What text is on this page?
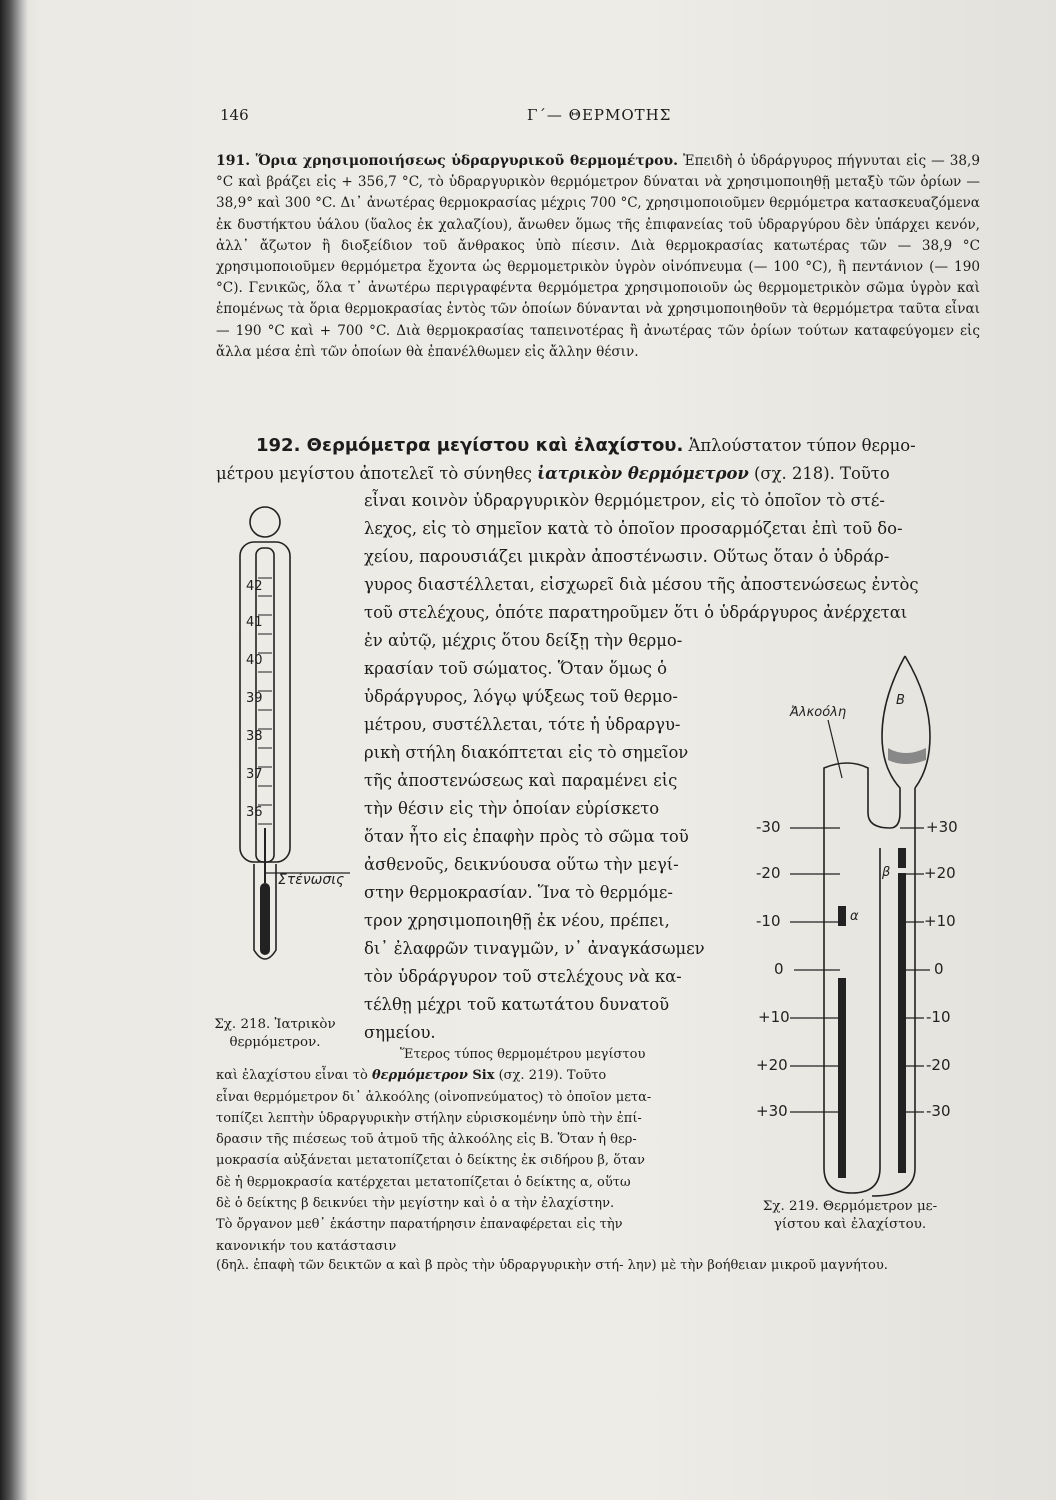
146	Γ΄— ΘΕΡΜΟΤΗΣ
191. Ὅρια χρησιμοποιήσεως ὑδραργυρικοῦ θερμομέτρου. Ἐπειδὴ ὁ ὑδράργυρος πήγνυται εἰς — 38,9 °C καὶ βράζει εἰς + 356,7 °C, τὸ ὑδραργυρικὸν θερμόμετρον δύναται νὰ χρησιμοποιηθῇ μεταξὺ τῶν ὁρίων — 38,9° καὶ 300 °C. Δι᾽ ἀνωτέρας θερμοκρασίας μέχρις 700 °C, χρησιμοποιοῦμεν θερμόμετρα κατασκευαζόμενα ἐκ δυστήκτου ὑάλου (ὕαλος ἐκ χαλαζίου), ἄνωθεν ὅμως τῆς ἐπιφανείας τοῦ ὑδραργύρου δὲν ὑπάρχει κενόν, ἀλλ᾽ ἄζωτον ἢ διοξείδιον τοῦ ἄνθρακος ὑπὸ πίεσιν. Διὰ θερμοκρασίας κατωτέρας τῶν — 38,9 °C χρησιμοποιοῦμεν θερμόμετρα ἔχοντα ὡς θερμομετρικὸν ὑγρὸν οἰνόπνευμα (— 100 °C), ἢ πεντάνιον (— 190 °C). Γενικῶς, ὅλα τ᾽ ἀνωτέρω περιγραφέντα θερμόμετρα χρησιμοποιοῦν ὡς θερμομετρικὸν σῶμα ὑγρὸν καὶ ἑπομένως τὰ ὅρια θερμοκρασίας ἐντὸς τῶν ὁποίων δύνανται νὰ χρησιμοποιηθοῦν τὰ θερμόμετρα ταῦτα εἶναι — 190 °C καὶ + 700 °C. Διὰ θερμοκρασίας ταπεινοτέρας ἢ ἀνωτέρας τῶν ὁρίων τούτων καταφεύγομεν εἰς ἄλλα μέσα ἐπὶ τῶν ὁποίων θὰ ἐπανέλθωμεν εἰς ἄλλην θέσιν.
192. Θερμόμετρα μεγίστου καὶ ἐλαχίστου. Ἁπλούστατον τύπον θερμο-
μέτρου μεγίστου ἀποτελεῖ τὸ σύνηθες ἰατρικὸν θερμόμετρον (σχ. 218). Τοῦτο
εἶναι κοινὸν ὑδραργυρικὸν θερμόμετρον, εἰς τὸ ὁποῖον τὸ στέ-
λεχος, εἰς τὸ σημεῖον κατὰ τὸ ὁποῖον προσαρμόζεται ἐπὶ τοῦ δο-
χείου, παρουσιάζει μικρὰν ἀποστένωσιν. Οὕτως ὅταν ὁ ὑδράρ-
γυρος διαστέλλεται, εἰσχωρεῖ διὰ μέσου τῆς ἀποστενώσεως ἐντὸς
τοῦ στελέχους, ὁπότε παρατηροῦμεν ὅτι ὁ ὑδράργυρος ἀνέρχεται
ἐν αὐτῷ, μέχρις ὅτου δείξῃ τὴν θερμο-
κρασίαν τοῦ σώματος. Ὅταν ὅμως ὁ
ὑδράργυρος, λόγῳ ψύξεως τοῦ θερμο-
μέτρου, συστέλλεται, τότε ἡ ὑδραργυ-
ρικὴ στήλη διακόπτεται εἰς τὸ σημεῖον
τῆς ἀποστενώσεως καὶ παραμένει εἰς
τὴν θέσιν εἰς τὴν ὁποίαν εὑρίσκετο
ὅταν ἦτο εἰς ἐπαφὴν πρὸς τὸ σῶμα τοῦ
ἀσθενοῦς, δεικνύουσα οὕτω τὴν μεγί-
στην θερμοκρασίαν. Ἵνα τὸ θερμόμε-
τρον χρησιμοποιηθῇ ἐκ νέου, πρέπει,
δι᾽ ἐλαφρῶν τιναγμῶν, ν᾽ ἀναγκάσωμεν
τὸν ὑδράργυρον τοῦ στελέχους νὰ κα-
τέλθῃ μέχρι τοῦ κατωτάτου δυνατοῦ
σημείου.
Ἕτερος τύπος θερμομέτρου μεγίστου
καὶ ἐλαχίστου εἶναι τὸ θερμόμετρον Six (σχ. 219). Τοῦτο
εἶναι θερμόμετρον δι᾽ ἀλκοόλης (οἰνοπνεύματος) τὸ ὁποῖον μετα-
τοπίζει λεπτὴν ὑδραργυρικὴν στήλην εὑρισκομένην ὑπὸ τὴν ἐπί-
δρασιν τῆς πιέσεως τοῦ ἀτμοῦ τῆς ἀλκοόλης εἰς B. Ὅταν ἡ θερ-
μοκρασία αὐξάνεται μετατοπίζεται ὁ δείκτης ἐκ σιδήρου β, ὅταν
δὲ ἡ θερμοκρασία κατέρχεται μετατοπίζεται ὁ δείκτης α, οὕτω
δὲ ὁ δείκτης β δεικνύει τὴν μεγίστην καὶ ὁ α τὴν ἐλαχίστην.
Τὸ ὄργανον μεθ᾽ ἑκάστην παρατήρησιν ἐπαναφέρεται εἰς τὴν
κανονικήν του κατάστασιν
(δηλ. ἐπαφὴ τῶν δεικτῶν α καὶ β πρὸς τὴν ὑδραργυρικὴν στή- λην) μὲ τὴν βοήθειαν μικροῦ μαγνήτου.
42
41
40
39
38
37
36
Στένωσις
Σχ. 218. Ἰατρικὸν
θερμόμετρον.
Ἀλκοόλη
B
α
β
-30
-20
-10
0
+10
+20
+30
+30
+20
+10
0
-10
-20
-30
Σχ. 219. Θερμόμετρον με-
γίστου καὶ ἐλαχίστου.
